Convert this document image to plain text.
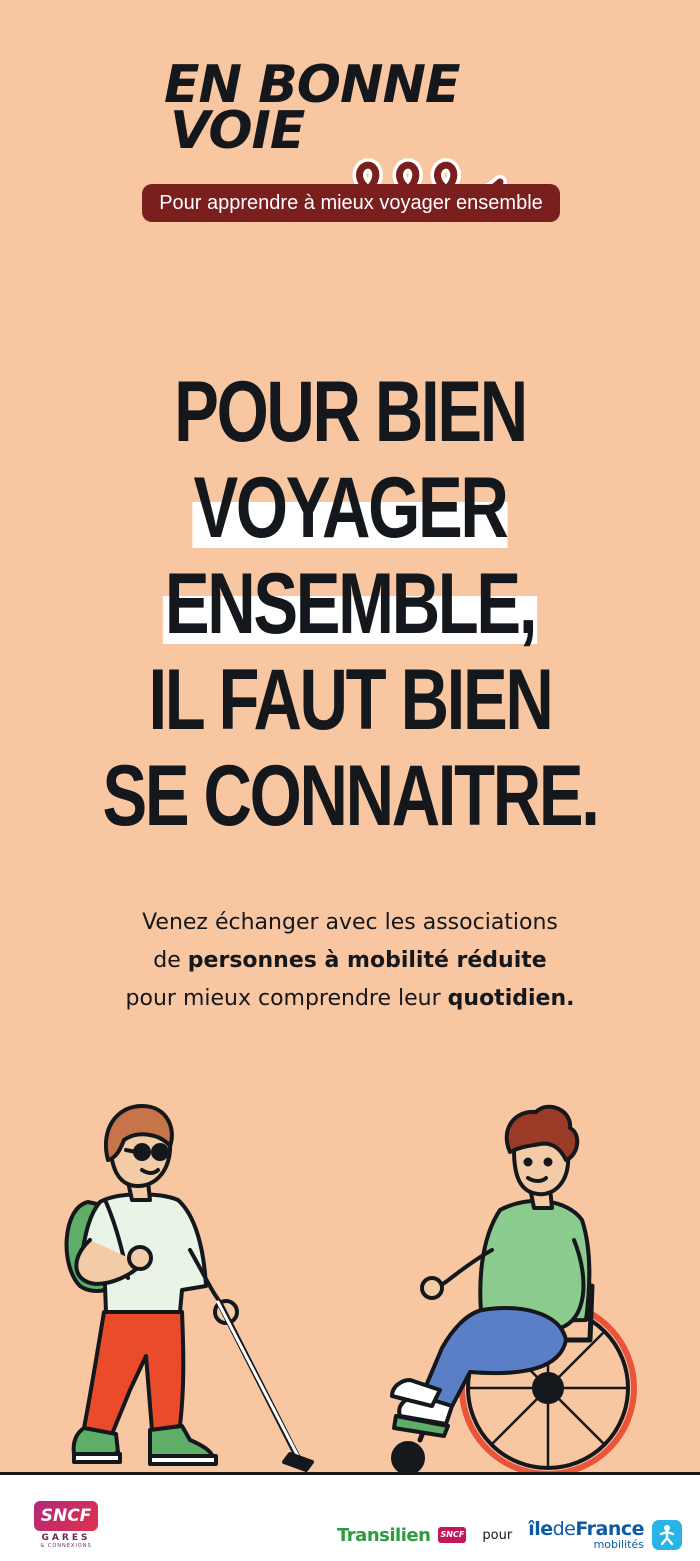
EN BONNE
VOIE
Pour apprendre à mieux voyager ensemble
POUR BIEN
VOYAGER
ENSEMBLE,
IL FAUT BIEN
SE CONNAITRE.
Venez échanger avec les associations
de personnes à mobilité réduite
pour mieux comprendre leur quotidien.
SNCF
GARES
& CONNEXIONS
Transilien SNCF pour îledeFrance
mobilités
